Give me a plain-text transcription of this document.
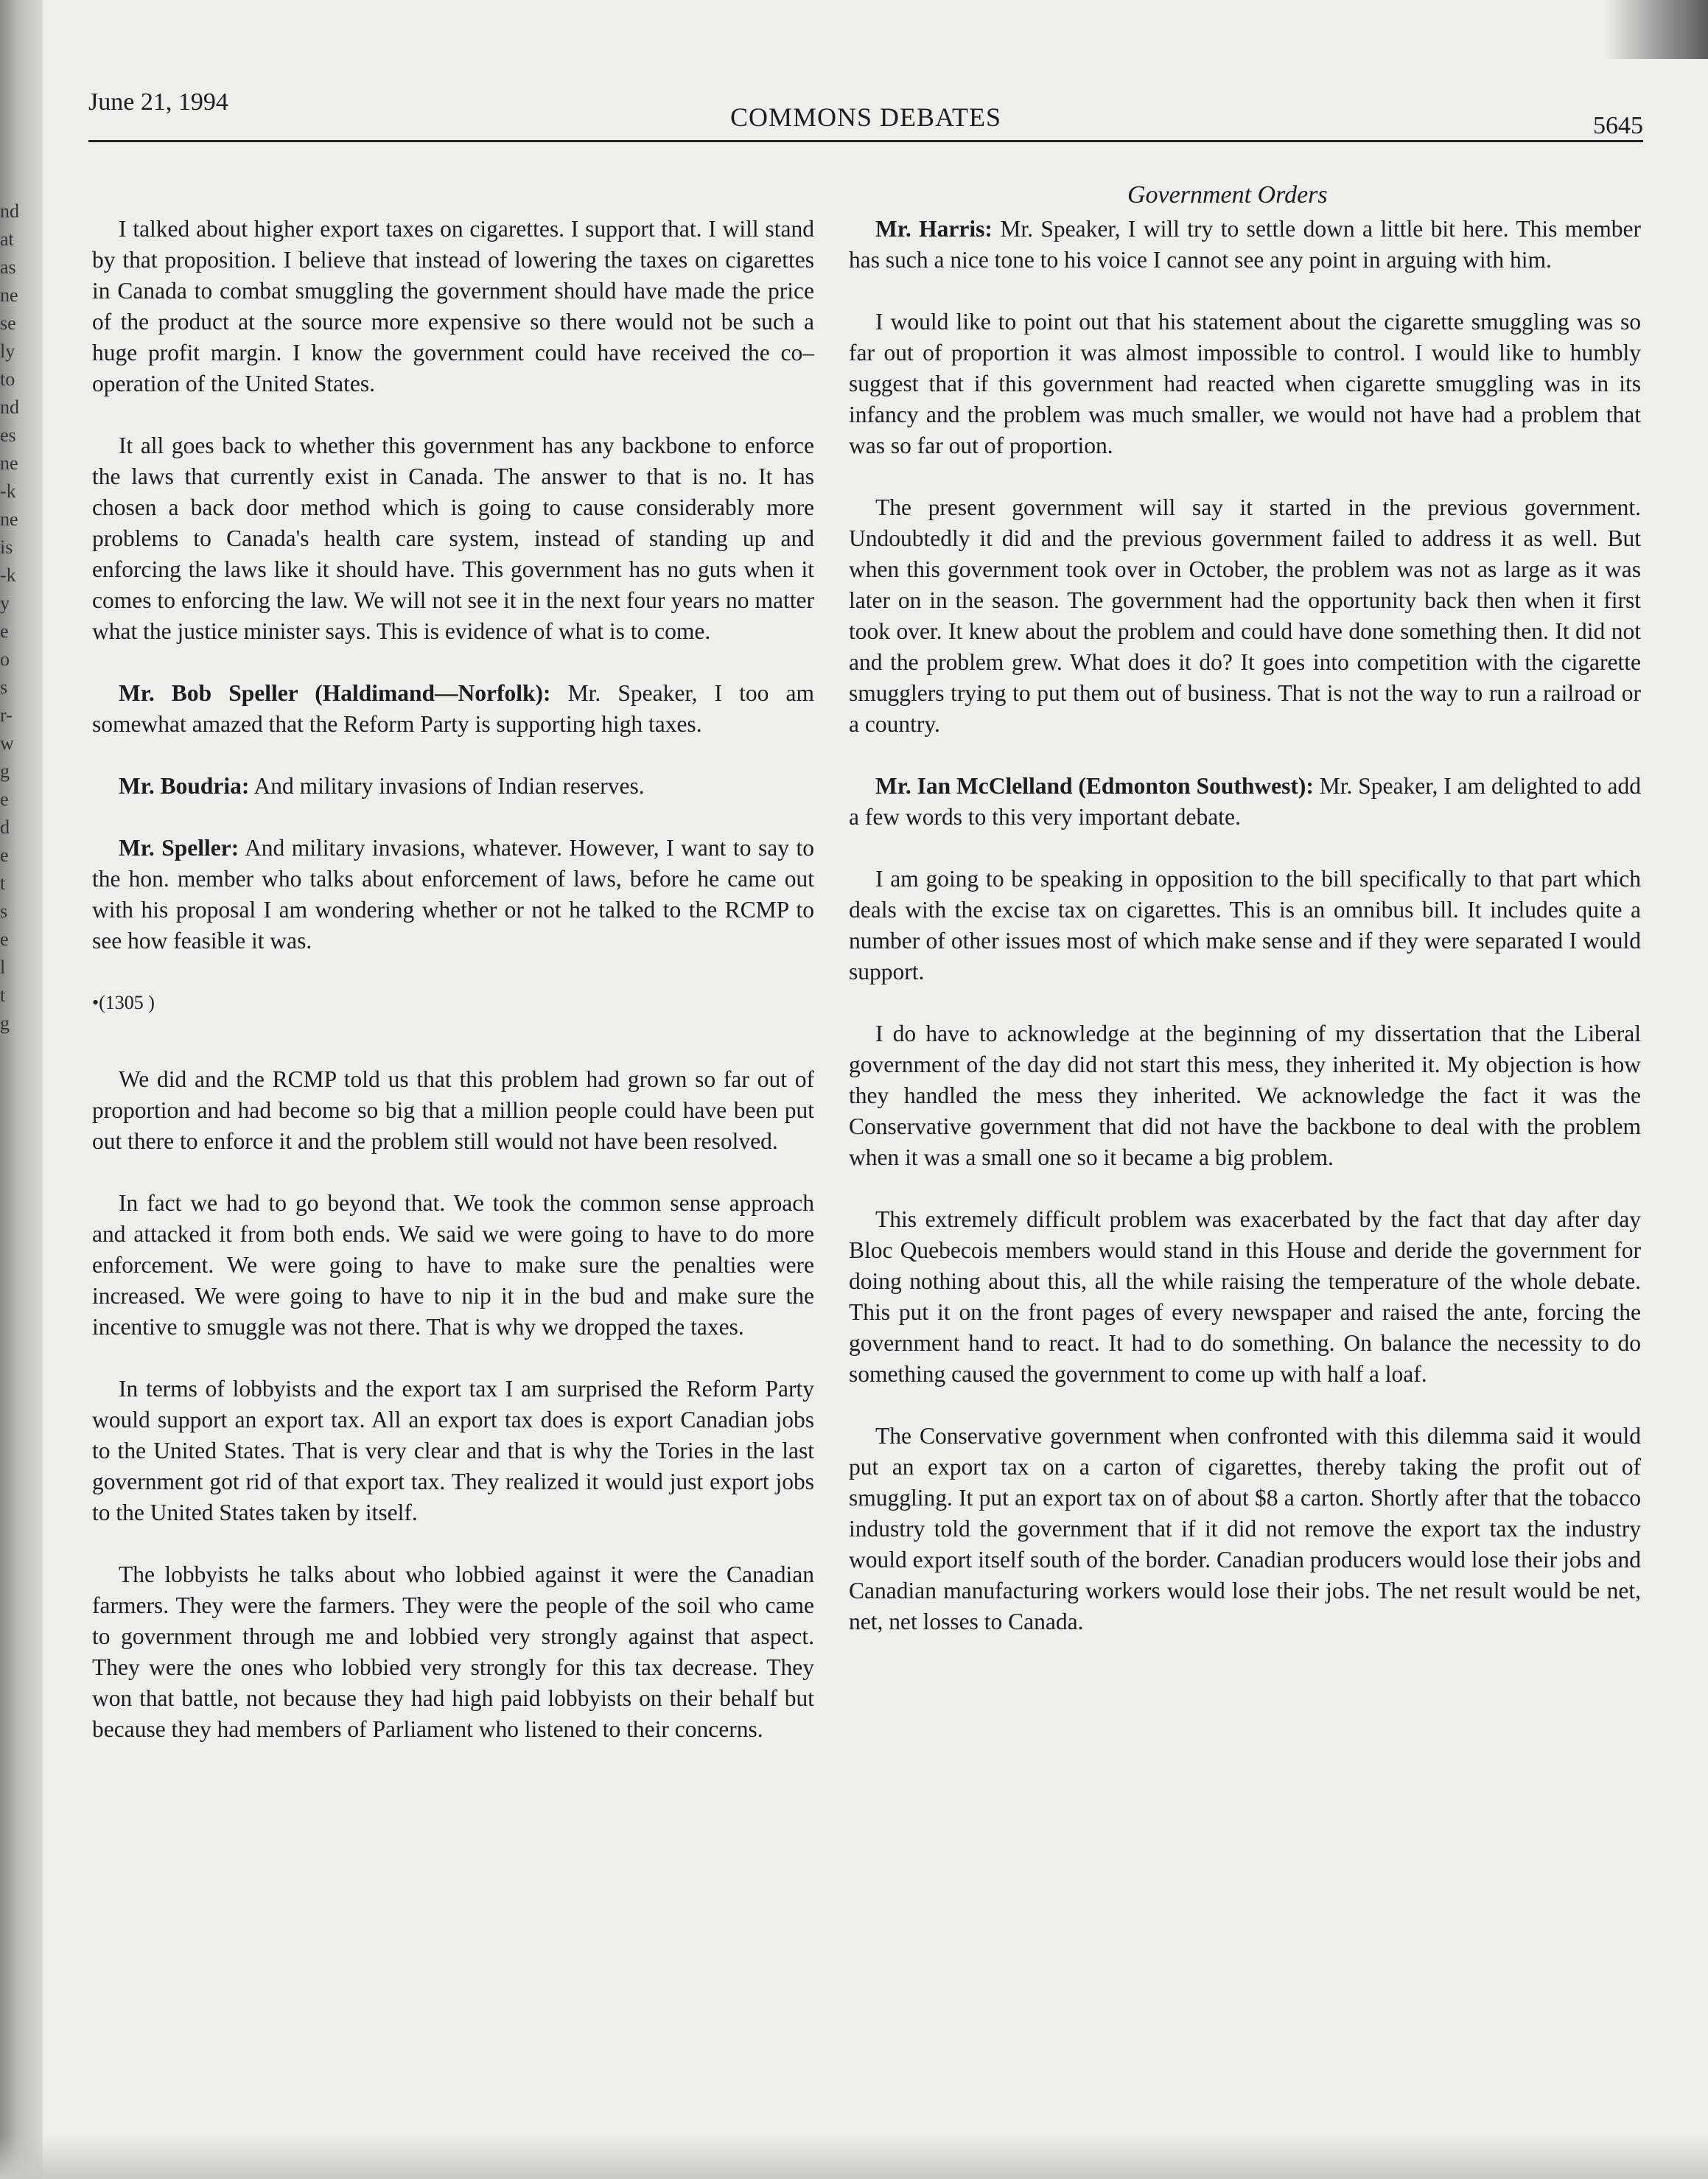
nd
at
as
ne
se
ly
to
nd
es
ne
-k
ne
is
-k
y
e
o
s
r-
w
g
e
d
e
t
s
e
l
t
g
June 21, 1994
COMMONS DEBATES	5645
Government Orders

I talked about higher export taxes on cigarettes. I support that. I will stand by that proposition. I believe that instead of lowering the taxes on cigarettes in Canada to combat smuggling the government should have made the price of the product at the source more expensive so there would not be such a huge profit margin. I know the government could have received the co–operation of the United States.

It all goes back to whether this government has any backbone to enforce the laws that currently exist in Canada. The answer to that is no. It has chosen a back door method which is going to cause considerably more problems to Canada's health care system, instead of standing up and enforcing the laws like it should have. This government has no guts when it comes to enforcing the law. We will not see it in the next four years no matter what the justice minister says. This is evidence of what is to come.

Mr. Bob Speller (Haldimand—Norfolk): Mr. Speaker, I too am somewhat amazed that the Reform Party is supporting high taxes.

Mr. Boudria: And military invasions of Indian reserves.

Mr. Speller: And military invasions, whatever. However, I want to say to the hon. member who talks about enforcement of laws, before he came out with his proposal I am wondering whether or not he talked to the RCMP to see how feasible it was.

•(1305 )

We did and the RCMP told us that this problem had grown so far out of proportion and had become so big that a million people could have been put out there to enforce it and the problem still would not have been resolved.

In fact we had to go beyond that. We took the common sense approach and attacked it from both ends. We said we were going to have to do more enforcement. We were going to have to make sure the penalties were increased. We were going to have to nip it in the bud and make sure the incentive to smuggle was not there. That is why we dropped the taxes.

In terms of lobbyists and the export tax I am surprised the Reform Party would support an export tax. All an export tax does is export Canadian jobs to the United States. That is very clear and that is why the Tories in the last government got rid of that export tax. They realized it would just export jobs to the United States taken by itself.

The lobbyists he talks about who lobbied against it were the Canadian farmers. They were the farmers. They were the people of the soil who came to government through me and lobbied very strongly against that aspect. They were the ones who lobbied very strongly for this tax decrease. They won that battle, not because they had high paid lobbyists on their behalf but because they had members of Parliament who listened to their concerns.

Mr. Harris: Mr. Speaker, I will try to settle down a little bit here. This member has such a nice tone to his voice I cannot see any point in arguing with him.

I would like to point out that his statement about the cigarette smuggling was so far out of proportion it was almost impossible to control. I would like to humbly suggest that if this government had reacted when cigarette smuggling was in its infancy and the problem was much smaller, we would not have had a problem that was so far out of proportion.

The present government will say it started in the previous government. Undoubtedly it did and the previous government failed to address it as well. But when this government took over in October, the problem was not as large as it was later on in the season. The government had the opportunity back then when it first took over. It knew about the problem and could have done something then. It did not and the problem grew. What does it do? It goes into competition with the cigarette smugglers trying to put them out of business. That is not the way to run a railroad or a country.

Mr. Ian McClelland (Edmonton Southwest): Mr. Speaker, I am delighted to add a few words to this very important debate.

I am going to be speaking in opposition to the bill specifically to that part which deals with the excise tax on cigarettes. This is an omnibus bill. It includes quite a number of other issues most of which make sense and if they were separated I would support.

I do have to acknowledge at the beginning of my dissertation that the Liberal government of the day did not start this mess, they inherited it. My objection is how they handled the mess they inherited. We acknowledge the fact it was the Conservative government that did not have the backbone to deal with the problem when it was a small one so it became a big problem.

This extremely difficult problem was exacerbated by the fact that day after day Bloc Quebecois members would stand in this House and deride the government for doing nothing about this, all the while raising the temperature of the whole debate. This put it on the front pages of every newspaper and raised the ante, forcing the government hand to react. It had to do something. On balance the necessity to do something caused the government to come up with half a loaf.

The Conservative government when confronted with this dilemma said it would put an export tax on a carton of cigarettes, thereby taking the profit out of smuggling. It put an export tax on of about $8 a carton. Shortly after that the tobacco industry told the government that if it did not remove the export tax the industry would export itself south of the border. Canadian producers would lose their jobs and Canadian manufacturing workers would lose their jobs. The net result would be net, net, net losses to Canada.
